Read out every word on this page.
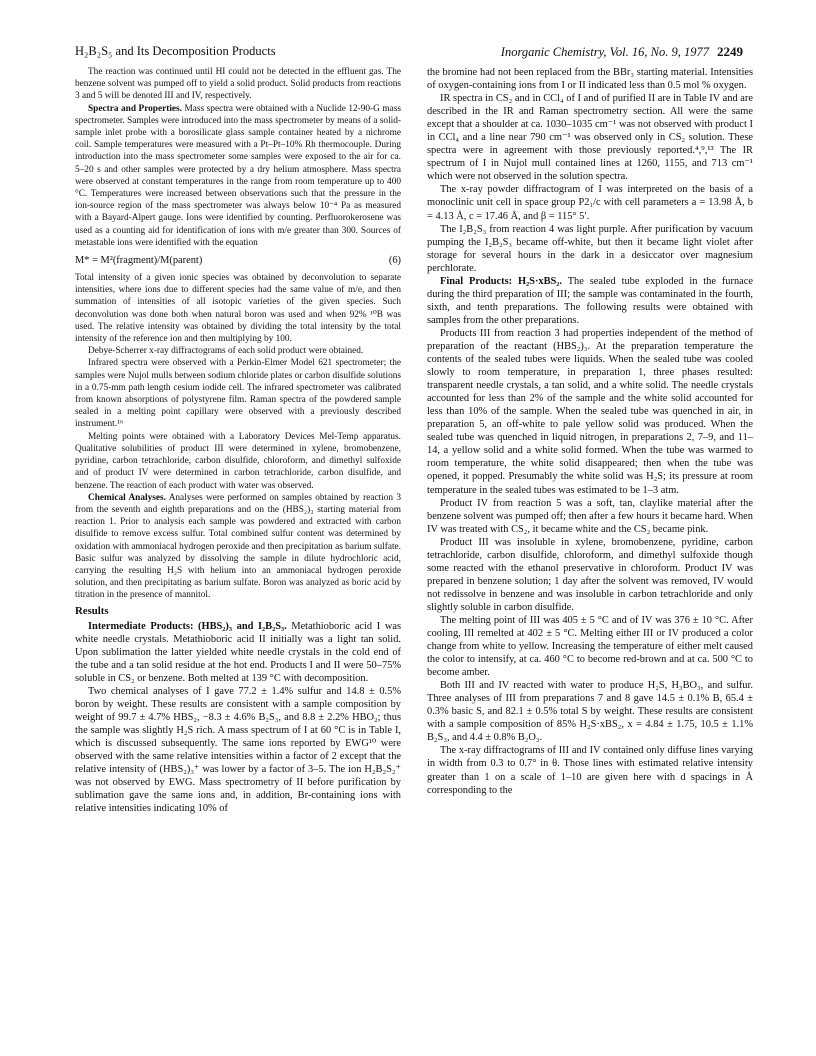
H₂B₂S₅ and Its Decomposition Products	Inorganic Chemistry, Vol. 16, No. 9, 1977 2249

The reaction was continued until HI could not be detected in the effluent gas. The benzene solvent was pumped off to yield a solid product. Solid products from reactions 3 and 5 will be denoted III and IV, respectively.

Spectra and Properties. Mass spectra were obtained with a Nuclide 12-90-G mass spectrometer. Samples were introduced into the mass spectrometer by means of a solid-sample inlet probe with a borosilicate glass sample container heated by a nichrome coil. Sample temperatures were measured with a Pt–Pt–10% Rh thermocouple. During introduction into the mass spectrometer some samples were exposed to the air for ca. 5–20 s and other samples were protected by a dry helium atmosphere. Mass spectra were observed at constant temperatures in the range from room temperature up to 400 °C. Temperatures were increased between observations such that the pressure in the ion-source region of the mass spectrometer was always below 10⁻⁴ Pa as measured with a Bayard-Alpert gauge. Ions were identified by counting. Perfluorokerosene was used as a counting aid for identification of ions with m/e greater than 300. Sources of metastable ions were identified with the equation

M* = M²(fragment)/M(parent)	(6)

Total intensity of a given ionic species was obtained by deconvolution to separate intensities, where ions due to different species had the same value of m/e, and then summation of intensities of all isotopic varieties of the given species. Such deconvolution was done both when natural boron was used and when 92% ¹⁰B was used. The relative intensity was obtained by dividing the total intensity by the total intensity of the reference ion and then multiplying by 100.

Debye-Scherrer x-ray diffractograms of each solid product were obtained.

Infrared spectra were observed with a Perkin-Elmer Model 621 spectrometer; the samples were Nujol mulls between sodium chloride plates or carbon disulfide solutions in a 0.75-mm path length cesium iodide cell. The infrared spectrometer was calibrated from known absorptions of polystyrene film. Raman spectra of the powdered sample sealed in a melting point capillary were observed with a previously described instrument.¹⁶

Melting points were obtained with a Laboratory Devices Mel-Temp apparatus. Qualitative solubilities of product III were determined in xylene, bromobenzene, pyridine, carbon tetrachloride, carbon disulfide, chloroform, and dimethyl sulfoxide and of product IV were determined in carbon tetrachloride, carbon disulfide, and benzene. The reaction of each product with water was observed.

Chemical Analyses. Analyses were performed on samples obtained by reaction 3 from the seventh and eighth preparations and on the (HBS₂)₃ starting material from reaction 1. Prior to analysis each sample was powdered and extracted with carbon disulfide to remove excess sulfur. Total combined sulfur content was determined by oxidation with ammoniacal hydrogen peroxide and then precipitation as barium sulfate. Basic sulfur was analyzed by dissolving the sample in dilute hydrochloric acid, carrying the resulting H₂S with helium into an ammoniacal hydrogen peroxide solution, and then precipitating as barium sulfate. Boron was analyzed as boric acid by titration in the presence of mannitol.

Results

Intermediate Products: (HBS₂)₃ and I₂B₂S₃. Metathioboric acid I was white needle crystals. Metathioboric acid II initially was a light tan solid. Upon sublimation the latter yielded white needle crystals in the cold end of the tube and a tan solid residue at the hot end. Products I and II were 50–75% soluble in CS₂ or benzene. Both melted at 139 °C with decomposition.

Two chemical analyses of I gave 77.2 ± 1.4% sulfur and 14.8 ± 0.5% boron by weight. These results are consistent with a sample composition by weight of 99.7 ± 4.7% HBS₂, −8.3 ± 4.6% B₂S₃, and 8.8 ± 2.2% HBO₂; thus the sample was slightly H₂S rich. A mass spectrum of I at 60 °C is in Table I, which is discussed subsequently. The same ions reported by EWG¹⁰ were observed with the same relative intensities within a factor of 2 except that the relative intensity of (HBS₂)₃⁺ was lower by a factor of 3–5. The ion H₂B₂S₂⁺ was not observed by EWG. Mass spectrometry of II before purification by sublimation gave the same ions and, in addition, Br-containing ions with relative intensities indicating 10% of

the bromine had not been replaced from the BBr₃ starting material. Intensities of oxygen-containing ions from I or II indicated less than 0.5 mol % oxygen.

IR spectra in CS₂ and in CCl₄ of I and of purified II are in Table IV and are described in the IR and Raman spectrometry section. All were the same except that a shoulder at ca. 1030–1035 cm⁻¹ was not observed with product I in CCl₄ and a line near 790 cm⁻¹ was observed only in CS₂ solution. These spectra were in agreement with those previously reported.⁴,⁹,¹³ The IR spectrum of I in Nujol mull contained lines at 1260, 1155, and 713 cm⁻¹ which were not observed in the solution spectra.

The x-ray powder diffractogram of I was interpreted on the basis of a monoclinic unit cell in space group P2₁/c with cell parameters a = 13.98 Å, b = 4.13 Å, c = 17.46 Å, and β = 115° 5′.

The I₂B₂S₃ from reaction 4 was light purple. After purification by vacuum pumping the I₂B₂S₃ became off-white, but then it became light violet after storage for several hours in the dark in a desiccator over magnesium perchlorate.

Final Products: H₂S·xBS₂. The sealed tube exploded in the furnace during the third preparation of III; the sample was contaminated in the fourth, sixth, and tenth preparations. The following results were obtained with samples from the other preparations.

Products III from reaction 3 had properties independent of the method of preparation of the reactant (HBS₂)₃. At the preparation temperature the contents of the sealed tubes were liquids. When the sealed tube was cooled slowly to room temperature, in preparation 1, three phases resulted: transparent needle crystals, a tan solid, and a white solid. The needle crystals accounted for less than 2% of the sample and the white solid accounted for less than 10% of the sample. When the sealed tube was quenched in air, in preparation 5, an off-white to pale yellow solid was produced. When the sealed tube was quenched in liquid nitrogen, in preparations 2, 7–9, and 11–14, a yellow solid and a white solid formed. When the tube was warmed to room temperature, the white solid disappeared; then when the tube was opened, it popped. Presumably the white solid was H₂S; its pressure at room temperature in the sealed tubes was estimated to be 1–3 atm.

Product IV from reaction 5 was a soft, tan, claylike material after the benzene solvent was pumped off; then after a few hours it became hard. When IV was treated with CS₂, it became white and the CS₂ became pink.

Product III was insoluble in xylene, bromobenzene, pyridine, carbon tetrachloride, carbon disulfide, chloroform, and dimethyl sulfoxide though some reacted with the ethanol preservative in chloroform. Product IV was prepared in benzene solution; 1 day after the solvent was removed, IV would not redissolve in benzene and was insoluble in carbon tetrachloride and only slightly soluble in carbon disulfide.

The melting point of III was 405 ± 5 °C and of IV was 376 ± 10 °C. After cooling, III remelted at 402 ± 5 °C. Melting either III or IV produced a color change from white to yellow. Increasing the temperature of either melt caused the color to intensify, at ca. 460 °C to become red-brown and at ca. 500 °C to become amber.

Both III and IV reacted with water to produce H₂S, H₃BO₃, and sulfur. Three analyses of III from preparations 7 and 8 gave 14.5 ± 0.1% B, 65.4 ± 0.3% basic S, and 82.1 ± 0.5% total S by weight. These results are consistent with a sample composition of 85% H₂S·xBS₂, x = 4.84 ± 1.75, 10.5 ± 1.1% B₂S₃, and 4.4 ± 0.8% B₂O₃.

The x-ray diffractograms of III and IV contained only diffuse lines varying in width from 0.3 to 0.7° in θ. Those lines with estimated relative intensity greater than 1 on a scale of 1–10 are given here with d spacings in Å corresponding to the
